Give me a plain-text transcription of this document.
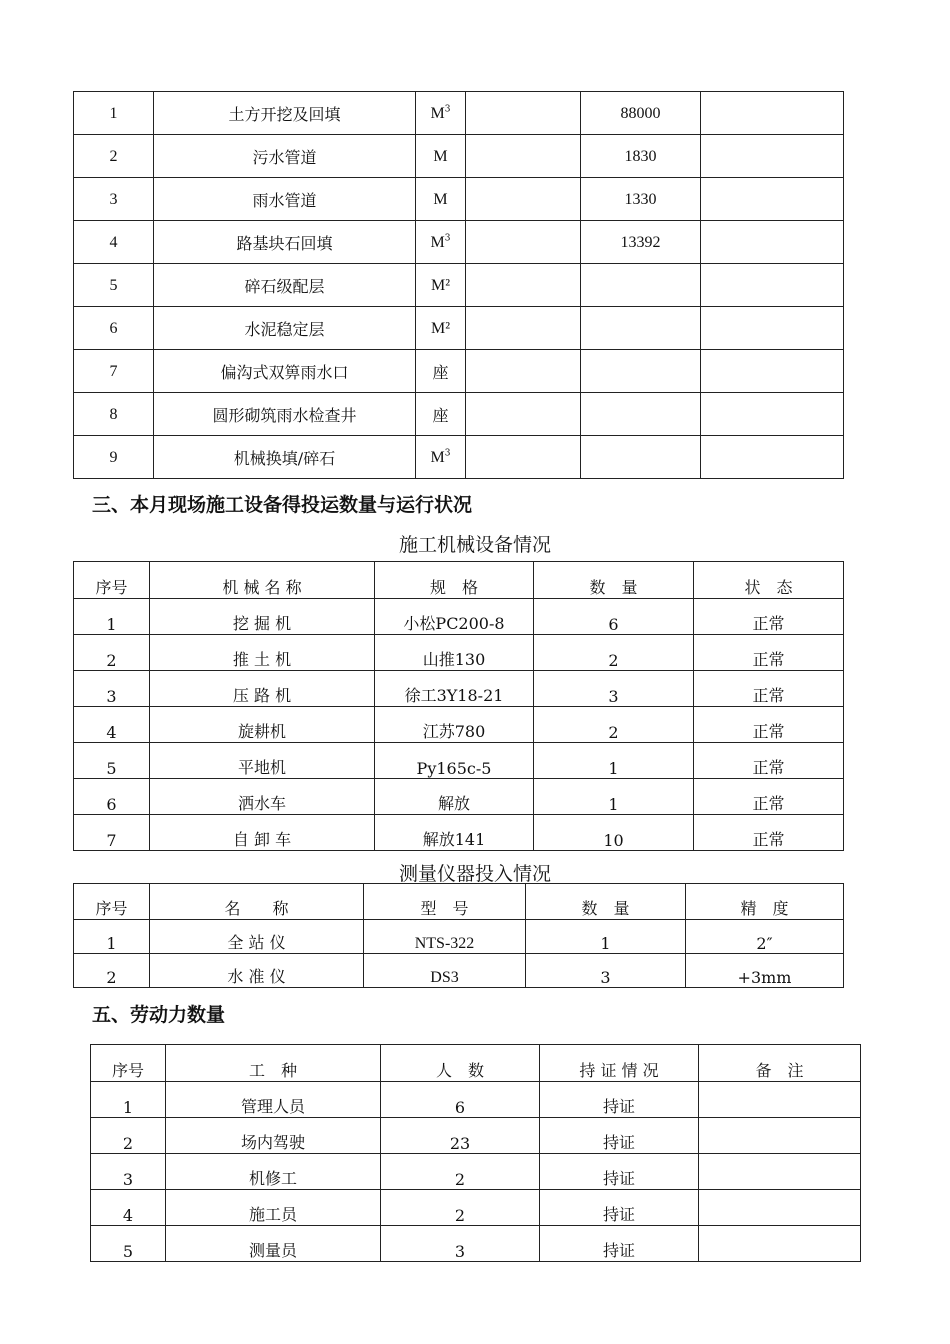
1	土方开挖及回填	$M^3$		88000	
2	污水管道	M		1830	
3	雨水管道	M		1330	
4	路基块石回填	$M^3$		13392	
5	碎石级配层	M²			
6	水泥稳定层	M²			
7	偏沟式双箅雨水口	座			
8	圆形砌筑雨水检查井	座			
9	机械换填/碎石	$M^3$			
三、本月现场施工设备得投运数量与运行状况
施工机械设备情况
序号	机 械 名 称	规　格	数　量	状　态
1	挖 掘 机	小松PC200-8	6	正常
2	推 土 机	山推130	2	正常
3	压 路 机	徐工3Y18-21	3	正常
4	旋耕机	江苏780	2	正常
5	平地机	Py165c-5	1	正常
6	洒水车	解放	1	正常
7	自 卸 车	解放141	10	正常
测量仪器投入情况
序号	名　　称	型　号	数　量	精　度
1	全 站 仪	NTS-322	1	2″
2	水 准 仪	DS3	3	+3mm
五、劳动力数量
序号	工　种	人　数	持 证 情 况	备　注
1	管理人员	6	持证	
2	场内驾驶	23	持证	
3	机修工	2	持证	
4	施工员	2	持证	
5	测量员	3	持证	
